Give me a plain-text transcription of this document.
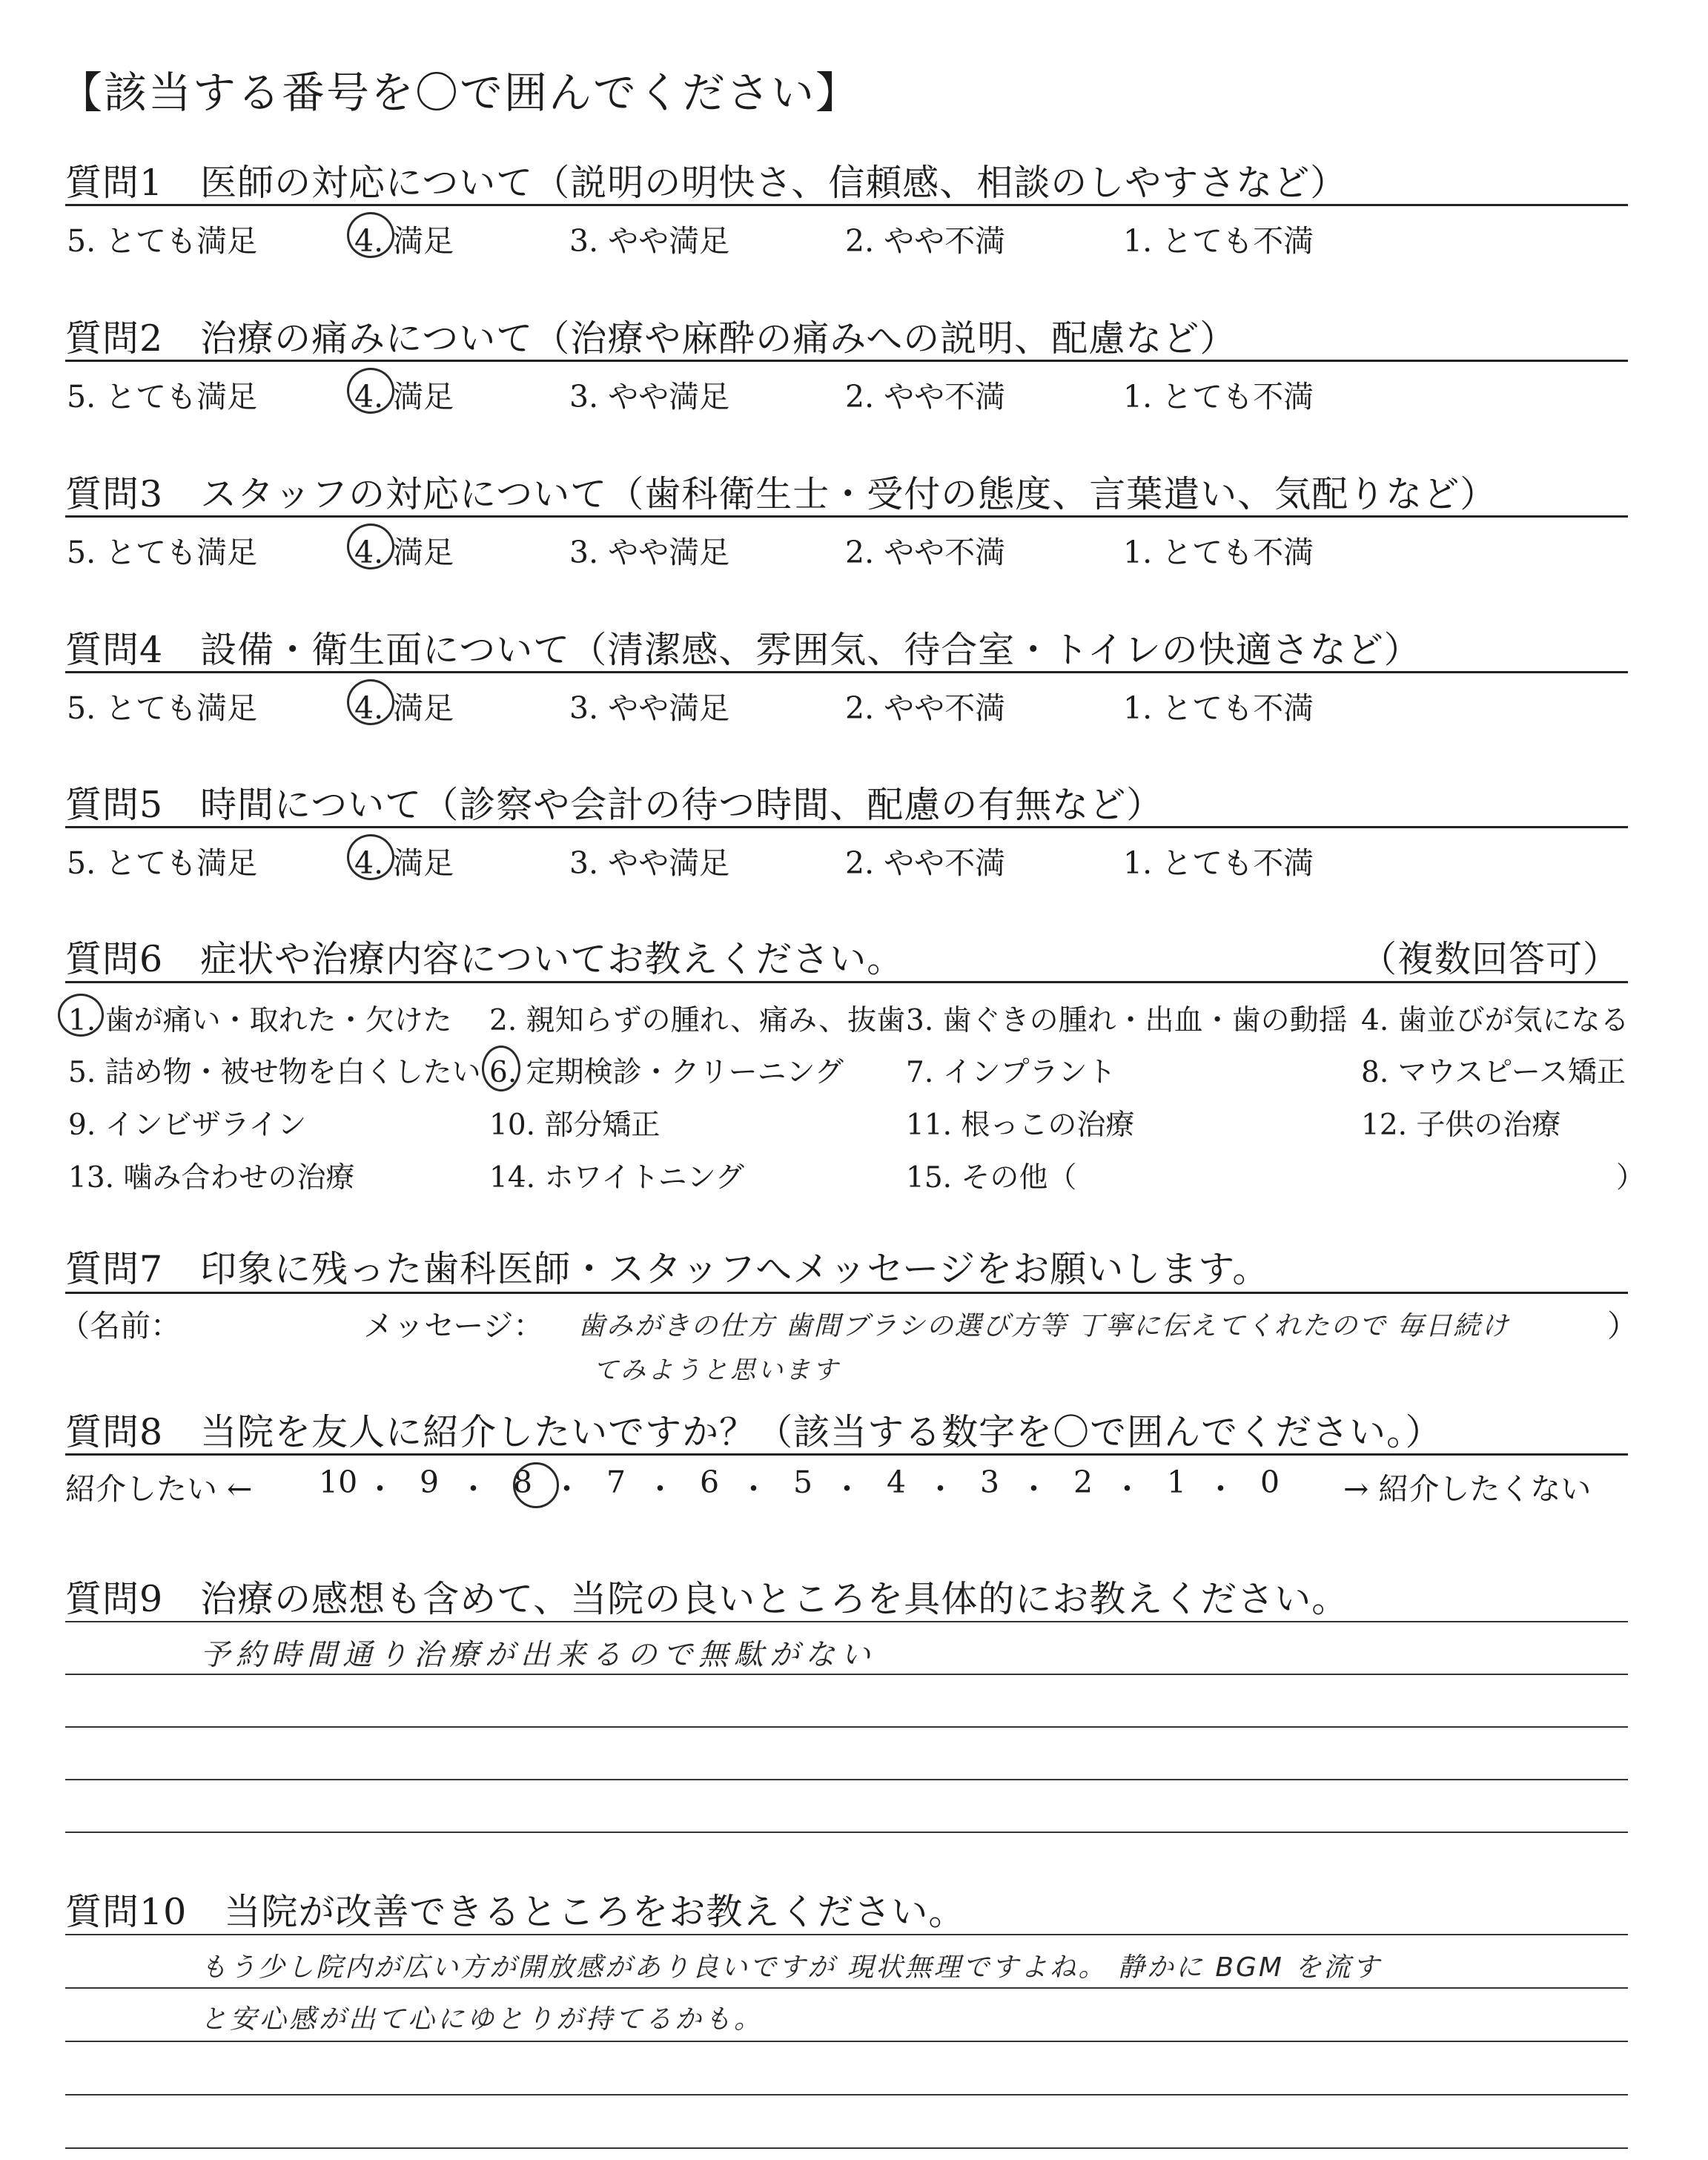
【該当する番号を〇で囲んでください】
質問1　医師の対応について（説明の明快さ、信頼感、相談のしやすさなど）
5. とても満足	4. 満足	3. やや満足	2. やや不満	1. とても不満
質問2　治療の痛みについて（治療や麻酔の痛みへの説明、配慮など）
5. とても満足	4. 満足	3. やや満足	2. やや不満	1. とても不満
質問3　スタッフの対応について（歯科衛生士・受付の態度、言葉遣い、気配りなど）
5. とても満足	4. 満足	3. やや満足	2. やや不満	1. とても不満
質問4　設備・衛生面について（清潔感、雰囲気、待合室・トイレの快適さなど）
5. とても満足	4. 満足	3. やや満足	2. やや不満	1. とても不満
質問5　時間について（診察や会計の待つ時間、配慮の有無など）
5. とても満足	4. 満足	3. やや満足	2. やや不満	1. とても不満
質問6　症状や治療内容についてお教えください。	（複数回答可）
1. 歯が痛い・取れた・欠けた 2. 親知らずの腫れ、痛み、抜歯 3. 歯ぐきの腫れ・出血・歯の動揺 4. 歯並びが気になる
5. 詰め物・被せ物を白くしたい 6. 定期検診・クリーニング 7. インプラント	8. マウスピース矯正
9. インビザライン	10. 部分矯正	11. 根っこの治療	12. 子供の治療
13. 噛み合わせの治療	14. ホワイトニング	15. その他（	）
質問7　印象に残った歯科医師・スタッフへメッセージをお願いします。
（名前：	メッセージ：	）
歯みがきの仕方 歯間ブラシの選び方等 丁寧に伝えてくれたので 毎日続け
てみようと思います
質問8　当院を友人に紹介したいですか？（該当する数字を〇で囲んでください。）
紹介したい ←	→ 紹介したくない
10 ・ 9 ・ 8 ・ 7 ・ 6 ・ 5 ・ 4 ・ 3 ・ 2 ・ 1 ・ 0
質問9　治療の感想も含めて、当院の良いところを具体的にお教えください。
予約時間通り治療が出来るので無駄がない
質問10　当院が改善できるところをお教えください。
もう少し院内が広い方が開放感があり良いですが 現状無理ですよね。 静かに BGM を流す
と安心感が出て心にゆとりが持てるかも。
